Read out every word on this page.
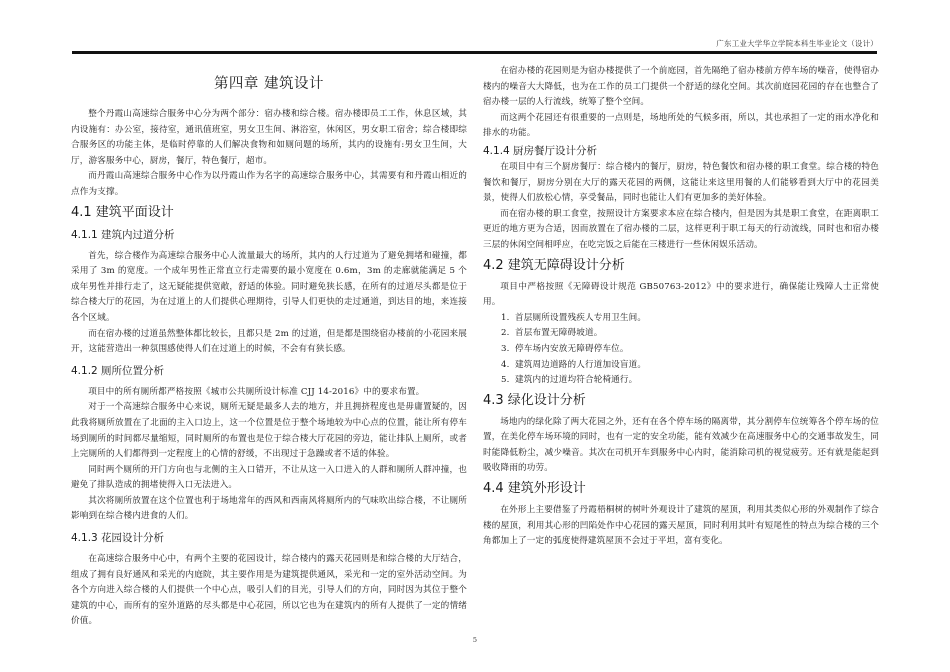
广东工业大学华立学院本科生毕业论文（设计）
第四章 建筑设计

整个丹霞山高速综合服务中心分为两个部分：宿办楼和综合楼。宿办楼即员工工作，休息区域，其内设施有：办公室，接待室，通讯值班室，男女卫生间、淋浴室，休闲区，男女职工宿舍；综合楼即综合服务区的功能主体，是临时停靠的人们解决食物和如厕问题的场所，其内的设施有:男女卫生间，大厅，游客服务中心，厨房，餐厅，特色餐厅，超市。

而丹霞山高速综合服务中心作为以丹霞山作为名字的高速综合服务中心，其需要有和丹霞山相近的点作为支撑。

4.1 建筑平面设计
4.1.1 建筑内过道分析

首先，综合楼作为高速综合服务中心人流量最大的场所，其内的人行过道为了避免拥堵和碰撞，都采用了 3m 的宽度。一个成年男性正常直立行走需要的最小宽度在 0.6m，3m 的走廊就能满足 5 个成年男性并排行走了，这无疑能提供宽敞，舒适的体验。同时避免狭长感，在所有的过道尽头都是位于综合楼大厅的花园，为在过道上的人们提供心理期待，引导人们更快的走过通道，到达目的地，来连接各个区域。

而在宿办楼的过道虽然整体都比较长，且都只是 2m 的过道，但是都是围绕宿办楼前的小花园来展开，这能营造出一种氛围感使得人们在过道上的时候，不会有有狭长感。

4.1.2 厕所位置分析

项目中的所有厕所都严格按照《城市公共厕所设计标准 CJJ 14-2016》中的要求布置。

对于一个高速综合服务中心来说，厕所无疑是最多人去的地方，并且拥挤程度也是毋庸置疑的，因此我将厕所放置在了北面的主入口边上，这一个位置是位于整个场地较为中心点的位置，能让所有停车场到厕所的时间都尽量缩短，同时厕所的布置也是位于综合楼大厅花园的旁边，能让排队上厕所，或者上完厕所的人们都得到一定程度上的心情的舒缓，不出现过于急躁或者不适的体验。

同时两个厕所的开门方向也与北侧的主入口错开，不让从这一入口进入的人群和厕所人群冲撞，也避免了排队造成的拥堵使得入口无法进入。

其次将厕所放置在这个位置也利于场地常年的西风和西南风将厕所内的气味吹出综合楼，不让厕所影响到在综合楼内进食的人们。

4.1.3 花园设计分析

在高速综合服务中心中，有两个主要的花园设计，综合楼内的露天花园则是和综合楼的大厅结合，组成了拥有良好通风和采光的内庭院，其主要作用是为建筑提供通风，采光和一定的室外活动空间。为各个方向进入综合楼的人们提供一个中心点，吸引人们的目光，引导人们的方向，同时因为其位于整个建筑的中心，而所有的室外道路的尽头都是中心花园，所以它也为在建筑内的所有人提供了一定的情绪价值。

在宿办楼的花园则是为宿办楼提供了一个前庭园，首先隔绝了宿办楼前方停车场的噪音，使得宿办楼内的噪音大大降低，也为在工作的员工门提供一个舒适的绿化空间。其次前庭园花园的存在也整合了宿办楼一层的人行流线，统筹了整个空间。

而这两个花园还有很重要的一点则是，场地所处的气候多雨，所以，其也承担了一定的雨水净化和排水的功能。

4.1.4 厨房餐厅设计分析

在项目中有三个厨房餐厅：综合楼内的餐厅，厨房，特色餐饮和宿办楼的职工食堂。综合楼的特色餐饮和餐厅，厨房分别在大厅的露天花园的两侧，这能让来这里用餐的人们能够看到大厅中的花园美景，使得人们放松心情，享受餐品，同时也能让人们有更加多的美好体验。

而在宿办楼的职工食堂，按照设计方案要求本应在综合楼内，但是因为其是职工食堂，在距离职工更近的地方更为合适，因而放置在了宿办楼的二层，这样更利于职工每天的行动流线，同时也和宿办楼三层的休闲空间相呼应，在吃完饭之后能在三楼进行一些休闲娱乐活动。

4.2 建筑无障碍设计分析

项目中严格按照《无障碍设计规范 GB50763-2012》中的要求进行，确保能让残障人士正常使用。

1. 首层厕所设置残疾人专用卫生间。
2. 首层布置无障碍坡道。
3. 停车场内安放无障碍停车位。
4. 建筑周边道路的人行道加设盲道。
5. 建筑内的过道均符合轮椅通行。
4.3 绿化设计分析

场地内的绿化除了两大花园之外，还有在各个停车场的隔离带，其分割停车位统筹各个停车场的位置，在美化停车场环境的同时，也有一定的安全功能，能有效减少在高速服务中心的交通事故发生，同时能降低粉尘，减少噪音。其次在司机开车到服务中心内时，能消除司机的视觉疲劳。还有就是能起到吸收降雨的功劳。

4.4 建筑外形设计

在外形上主要借鉴了丹霞梧桐树的树叶外观设计了建筑的屋顶，利用其类似心形的外观制作了综合楼的屋顶，利用其心形的凹陷处作中心花园的露天屋顶，同时利用其叶有短尾性的特点为综合楼的三个角都加上了一定的弧度使得建筑屋顶不会过于平坦，富有变化。

5
